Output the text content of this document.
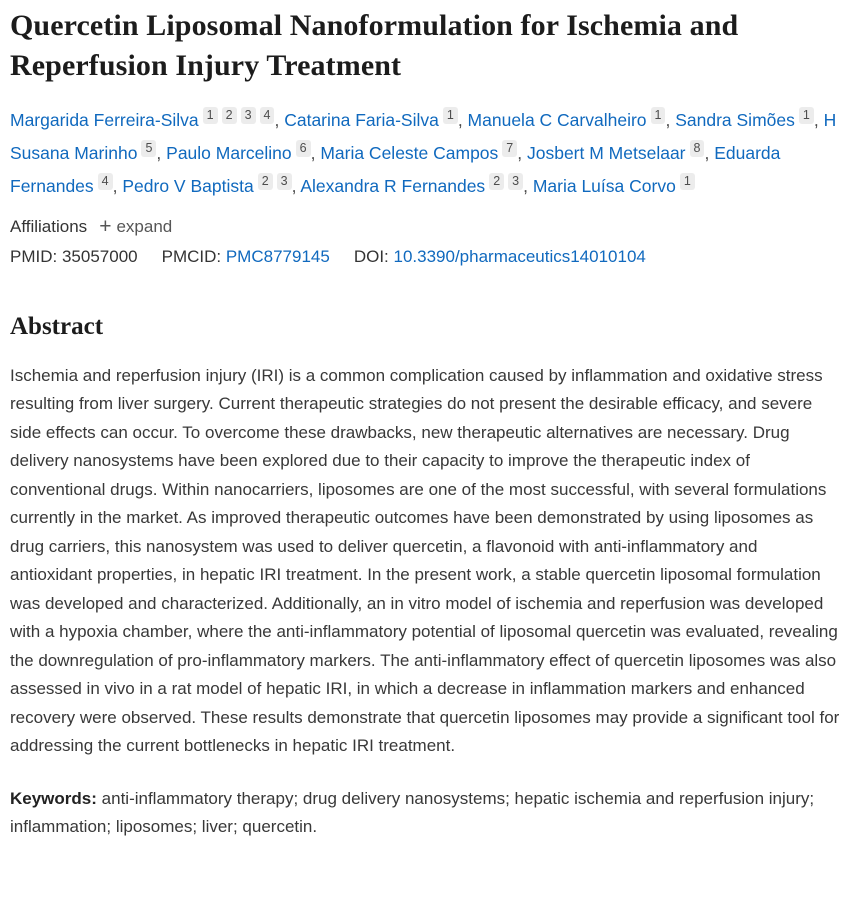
Quercetin Liposomal Nanoformulation for Ischemia and Reperfusion Injury Treatment
Margarida Ferreira-Silva 1 2 3 4 , Catarina Faria-Silva 1 , Manuela C Carvalheiro 1 , Sandra Simões 1 , H Susana Marinho 5 , Paulo Marcelino 6 , Maria Celeste Campos 7 , Josbert M Metselaar 8 , Eduarda Fernandes 4 , Pedro V Baptista 2 3 , Alexandra R Fernandes 2 3 , Maria Luísa Corvo 1
Affiliations + expand
PMID: 35057000 PMCID: PMC8779145 DOI: 10.3390/pharmaceutics14010104
Abstract

Ischemia and reperfusion injury (IRI) is a common complication caused by inflammation and oxidative stress resulting from liver surgery. Current therapeutic strategies do not present the desirable efficacy, and severe side effects can occur. To overcome these drawbacks, new therapeutic alternatives are necessary. Drug delivery nanosystems have been explored due to their capacity to improve the therapeutic index of conventional drugs. Within nanocarriers, liposomes are one of the most successful, with several formulations currently in the market. As improved therapeutic outcomes have been demonstrated by using liposomes as drug carriers, this nanosystem was used to deliver quercetin, a flavonoid with anti-inflammatory and antioxidant properties, in hepatic IRI treatment. In the present work, a stable quercetin liposomal formulation was developed and characterized. Additionally, an in vitro model of ischemia and reperfusion was developed with a hypoxia chamber, where the anti-inflammatory potential of liposomal quercetin was evaluated, revealing the downregulation of pro-inflammatory markers. The anti-inflammatory effect of quercetin liposomes was also assessed in vivo in a rat model of hepatic IRI, in which a decrease in inflammation markers and enhanced recovery were observed. These results demonstrate that quercetin liposomes may provide a significant tool for addressing the current bottlenecks in hepatic IRI treatment.

Keywords: anti-inflammatory therapy; drug delivery nanosystems; hepatic ischemia and reperfusion injury; inflammation; liposomes; liver; quercetin.
